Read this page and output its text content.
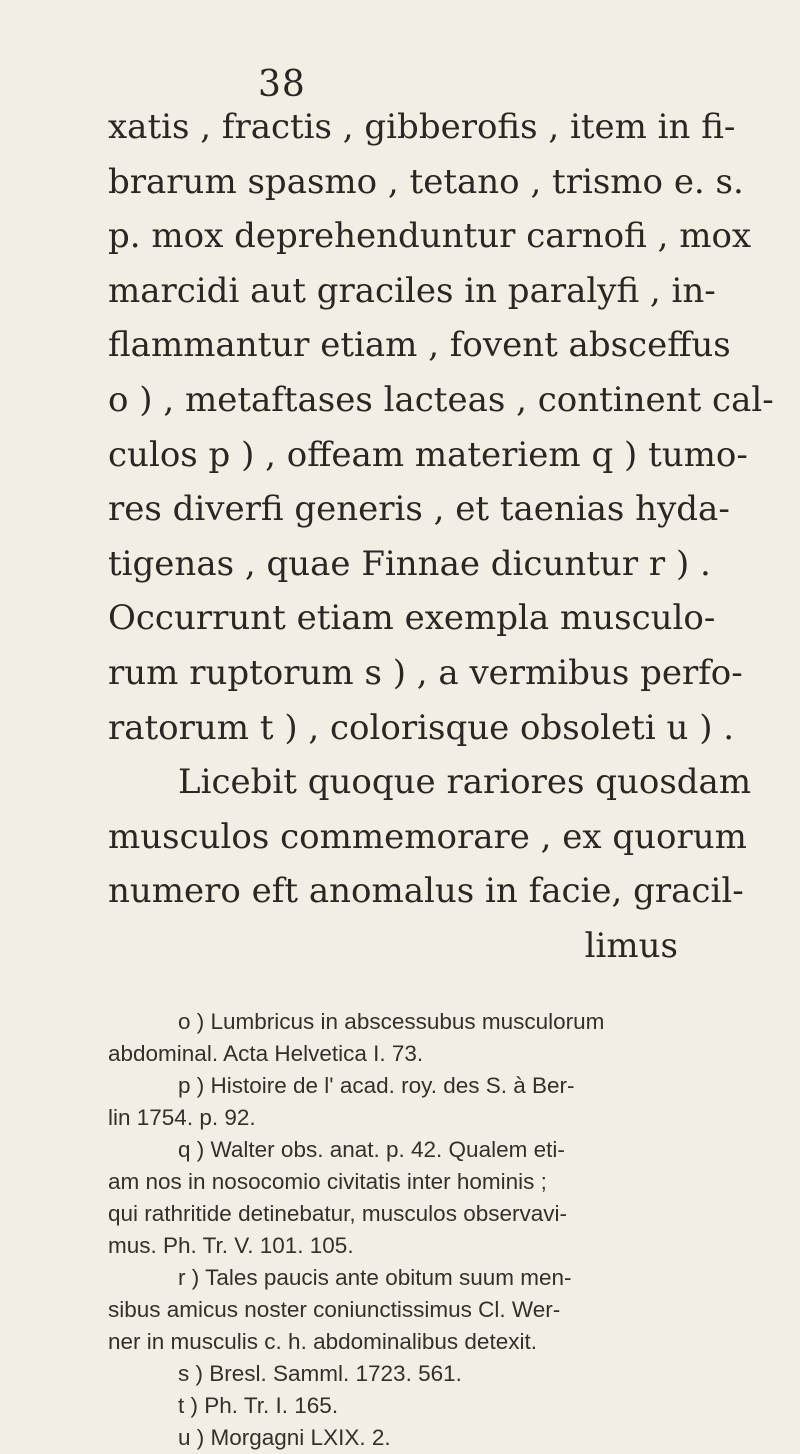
38
xatis , fractis , gibberofis , item in fi-
brarum spasmo , tetano , trismo e. s.
p. mox deprehenduntur carnofi , mox
marcidi aut graciles in paralyfi , in-
flammantur etiam , fovent absceffus
o ) , metaftases lacteas , continent cal-
culos p ) , offeam materiem q ) tumo-
res diverfi generis , et taenias hyda-
tigenas , quae Finnae dicuntur r ) .
Occurrunt etiam exempla musculo-
rum ruptorum s ) , a vermibus perfo-
ratorum t ) , colorisque obsoleti u ) .
Licebit quoque rariores quosdam
musculos commemorare , ex quorum
numero eft anomalus in facie, gracil-
limus
o ) Lumbricus in abscessubus musculorum
abdominal. Acta Helvetica I. 73.
p ) Histoire de l' acad. roy. des S. à Ber-
lin 1754. p. 92.
q ) Walter obs. anat. p. 42. Qualem eti-
am nos in nosocomio civitatis inter hominis ;
qui rathritide detinebatur, musculos observavi-
mus. Ph. Tr. V. 101. 105.
r ) Tales paucis ante obitum suum men-
sibus amicus noster coniunctissimus Cl. Wer-
ner in musculis c. h. abdominalibus detexit.
s ) Bresl. Samml. 1723. 561.
t ) Ph. Tr. I. 165.
u ) Morgagni LXIX. 2.
